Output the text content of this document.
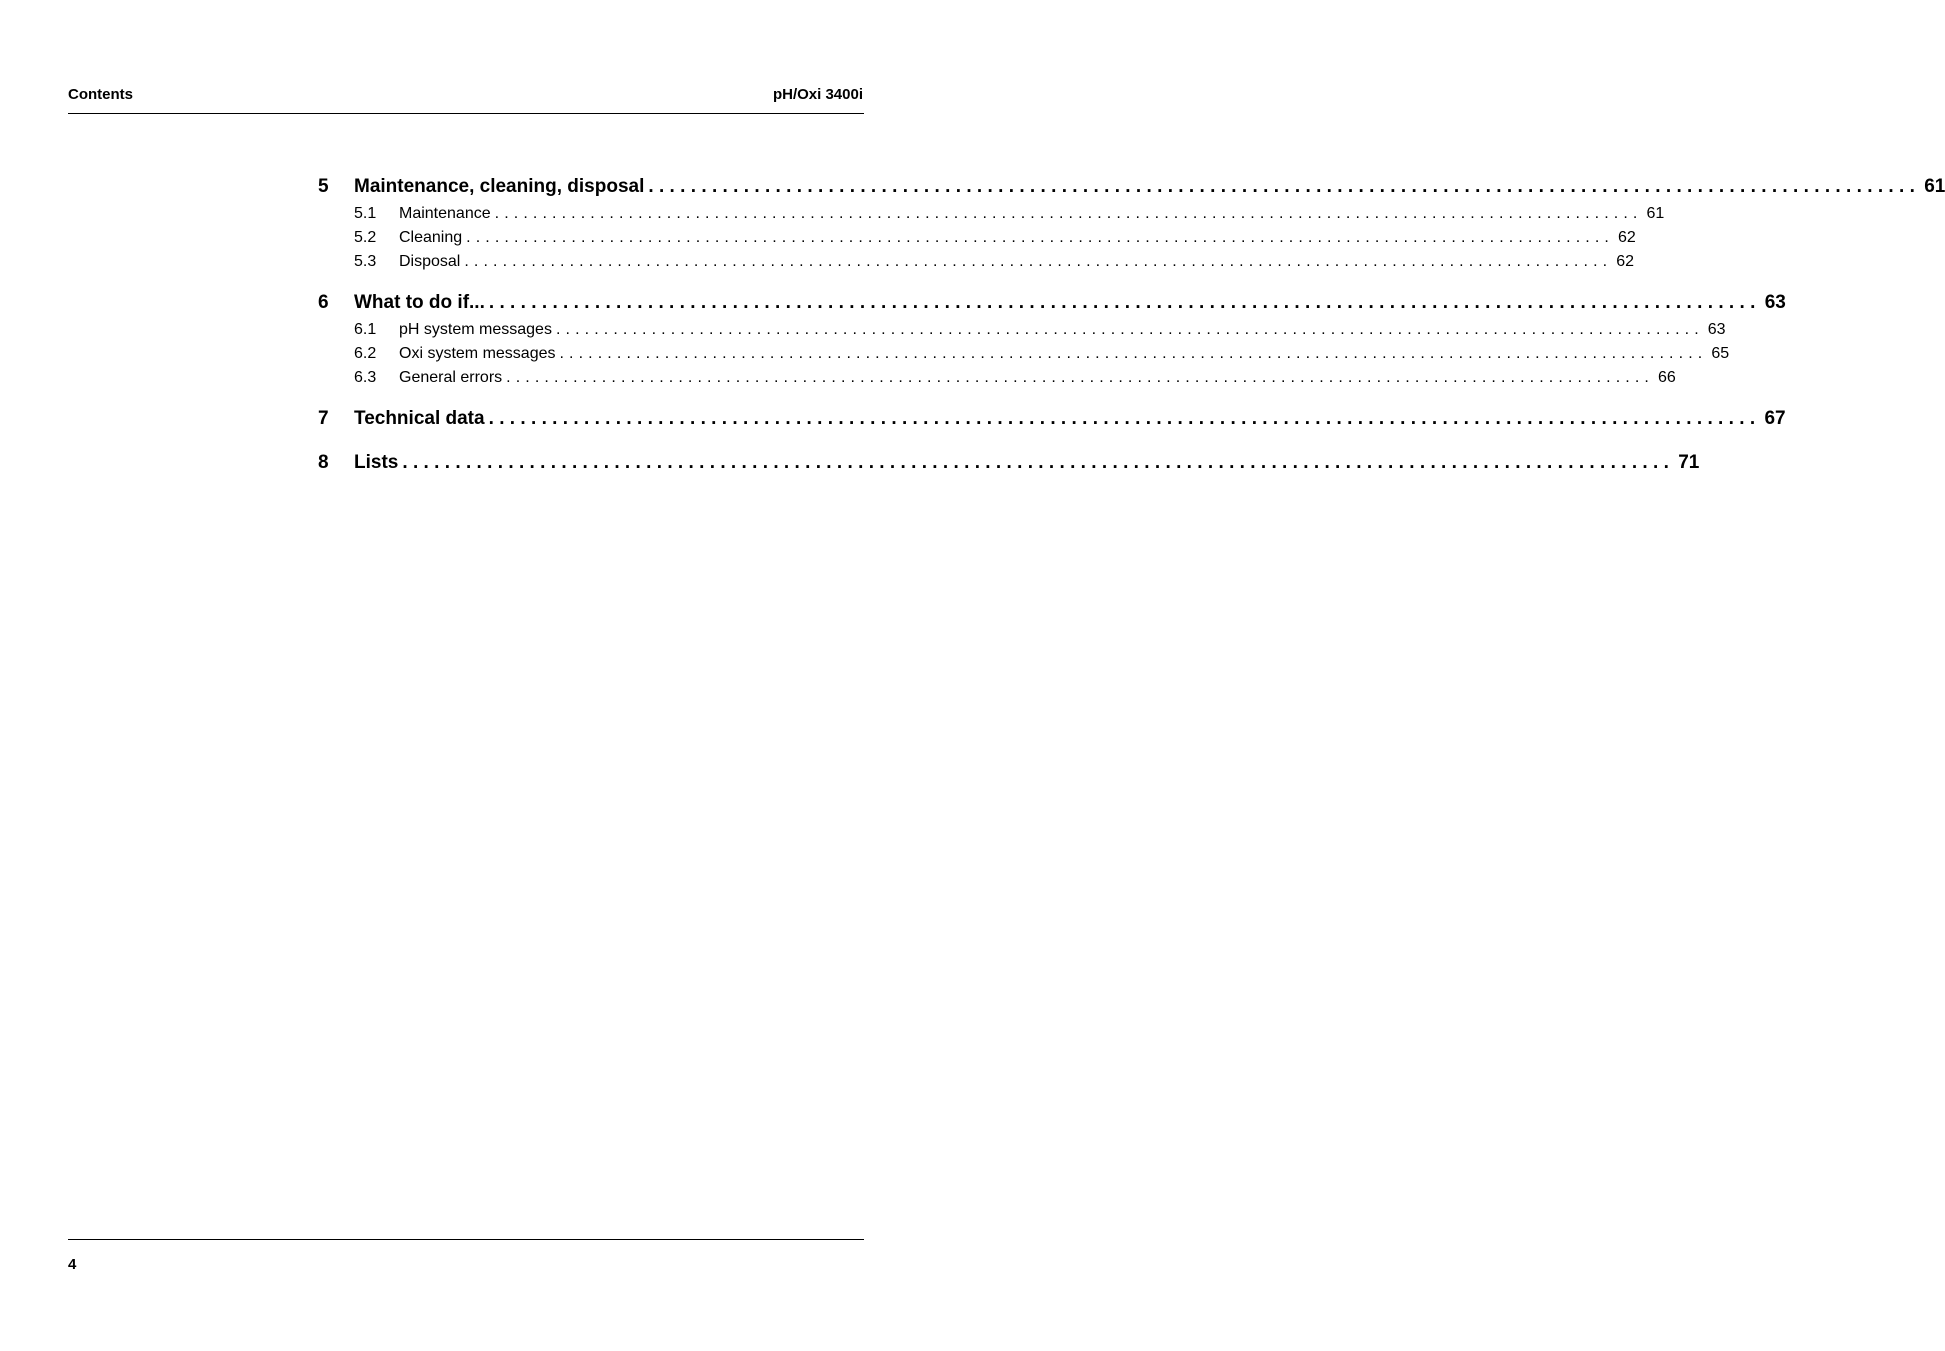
Contents	pH/Oxi 3400i
5	Maintenance, cleaning, disposal ........................................................................................................................ 61
5.1	Maintenance ........................................................................................................................ 61
5.2	Cleaning ........................................................................................................................ 62
5.3	Disposal ........................................................................................................................ 62
6	What to do if... ........................................................................................................................ 63
6.1	pH system messages ........................................................................................................................ 63
6.2	Oxi system messages ........................................................................................................................ 65
6.3	General errors ........................................................................................................................ 66
7	Technical data ........................................................................................................................ 67
8	Lists ........................................................................................................................ 71
4
